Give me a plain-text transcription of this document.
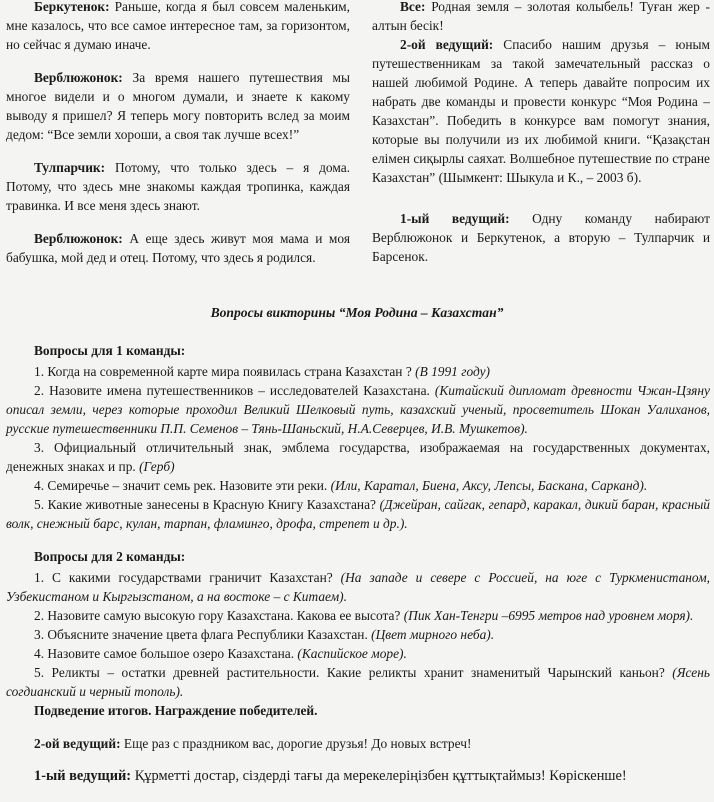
Беркутенок: Раньше, когда я был совсем маленьким, мне казалось, что все самое интересное там, за горизонтом, но сейчас я думаю иначе.

Верблюжонок: За время нашего путешествия мы многое видели и о многом думали, и знаете к какому выводу я пришел? Я теперь могу повторить вслед за моим дедом: “Все земли хороши, а своя так лучше всех!”

Тулпарчик: Потому, что только здесь – я дома. Потому, что здесь мне знакомы каждая тропинка, каждая травинка. И все меня здесь знают.

Верблюжонок: А еще здесь живут моя мама и моя бабушка, мой дед и отец. Потому, что здесь я родился.

Все: Родная земля – золотая колыбель! Туған жер - алтын бесік!

2-ой ведущий: Спасибо нашим друзья – юным путешественникам за такой замечательный рассказ о нашей любимой Родине. А теперь давайте попросим их набрать две команды и провести конкурс “Моя Родина – Казахстан”. Победить в конкурсе вам помогут знания, которые вы получили из их любимой книги. “Қазақстан елімен сиқырлы саяхат. Волшебное путешествие по стране Казахстан” (Шымкент: Шыкула и К., – 2003 б).

1-ый ведущий: Одну команду набирают Верблюжонок и Беркутенок, а вторую – Тулпарчик и Барсенок.

Вопросы викторины “Моя Родина – Казахстан”

Вопросы для 1 команды:

1. Когда на современной карте мира появилась страна Казахстан ? (В 1991 году)

2. Назовите имена путешественников – исследователей Казахстана. (Китайский дипломат древности Чжан-Цзяну описал земли, через которые проходил Великий Шелковый путь, казахский ученый, просветитель Шокан Уалиханов, русские путешественники П.П. Семенов – Тянь-Шаньский, Н.А.Северцев, И.В. Мушкетов).

3. Официальный отличительный знак, эмблема государства, изображаемая на государственных документах, денежных знаках и пр. (Герб)

4. Семиречье – значит семь рек. Назовите эти реки. (Или, Каратал, Биена, Аксу, Лепсы, Баскана, Сарканд).

5. Какие животные занесены в Красную Книгу Казахстана? (Джейран, сайгак, гепард, каракал, дикий баран, красный волк, снежный барс, кулан, тарпан, фламинго, дрофа, стрепет и др.).

Вопросы для 2 команды:

1. С какими государствами граничит Казахстан? (На западе и севере с Россией, на юге с Туркменистаном, Узбекистаном и Кыргызстаном, а на востоке – с Китаем).

2. Назовите самую высокую гору Казахстана. Какова ее высота? (Пик Хан-Тенгри –6995 метров над уровнем моря).

3. Объясните значение цвета флага Республики Казахстан. (Цвет мирного неба).

4. Назовите самое большое озеро Казахстана. (Каспийское море).

5. Реликты – остатки древней растительности. Какие реликты хранит знаменитый Чарынский каньон? (Ясень согдианский и черный тополь).

Подведение итогов. Награждение победителей.

2-ой ведущий: Еще раз с праздником вас, дорогие друзья! До новых встреч!

1-ый ведущий: Құрметті достар, сіздерді тағы да мерекелеріңізбен құттықтаймыз! Көріскенше!
